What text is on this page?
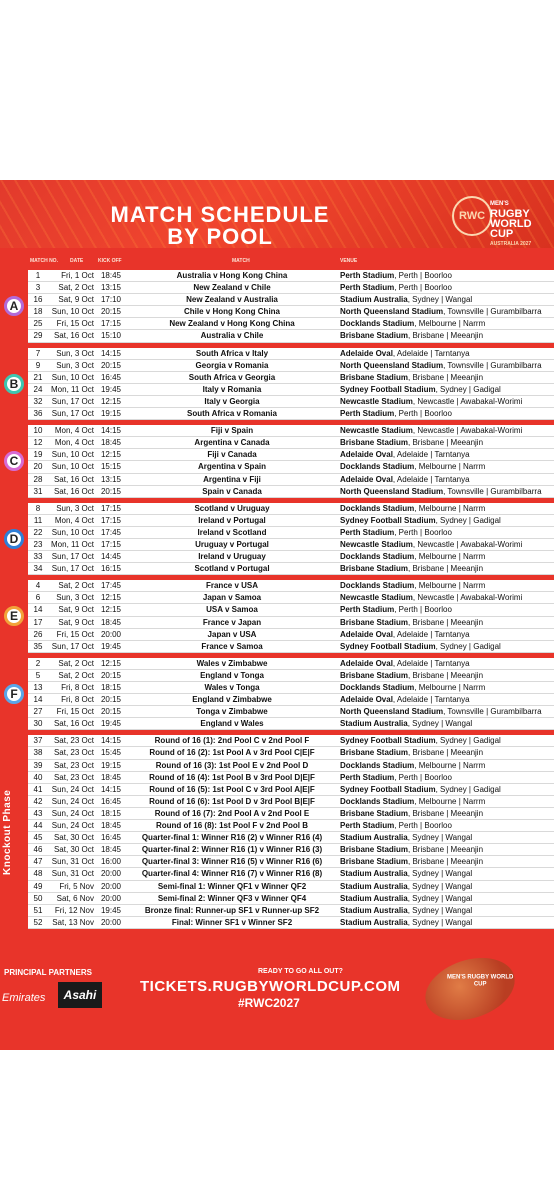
MATCH SCHEDULE
BY POOL
RWC
MEN'S
RUGBY WORLD CUP
AUSTRALIA 2027
MATCH NO. DATE	KICK OFF	MATCH	VENUE
A
1	Fri, 1 Oct 18:45	Australia v Hong Kong China	Perth Stadium, Perth | Boorloo
3	Sat, 2 Oct 13:15	New Zealand v Chile	Perth Stadium, Perth | Boorloo
16	Sat, 9 Oct 17:10	New Zealand v Australia	Stadium Australia, Sydney | Wangal
18	Sun, 10 Oct 20:15	Chile v Hong Kong China	North Queensland Stadium, Townsville | Gurambilbarra
25	Fri, 15 Oct 17:15	New Zealand v Hong Kong China	Docklands Stadium, Melbourne | Narrm
29	Sat, 16 Oct 15:10	Australia v Chile	Brisbane Stadium, Brisbane | Meeanjin
B
7	Sun, 3 Oct 14:15	South Africa v Italy	Adelaide Oval, Adelaide | Tarntanya
9	Sun, 3 Oct 20:15	Georgia v Romania	North Queensland Stadium, Townsville | Gurambilbarra
21	Sun, 10 Oct 16:45	South Africa v Georgia	Brisbane Stadium, Brisbane | Meeanjin
24	Mon, 11 Oct 19:45	Italy v Romania	Sydney Football Stadium, Sydney | Gadigal
32	Sun, 17 Oct 12:15	Italy v Georgia	Newcastle Stadium, Newcastle | Awabakal-Worimi
36	Sun, 17 Oct 19:15	South Africa v Romania	Perth Stadium, Perth | Boorloo
C
10	Mon, 4 Oct 14:15	Fiji v Spain	Newcastle Stadium, Newcastle | Awabakal-Worimi
12	Mon, 4 Oct 18:45	Argentina v Canada	Brisbane Stadium, Brisbane | Meeanjin
19	Sun, 10 Oct 12:15	Fiji v Canada	Adelaide Oval, Adelaide | Tarntanya
20	Sun, 10 Oct 15:15	Argentina v Spain	Docklands Stadium, Melbourne | Narrm
28	Sat, 16 Oct 13:15	Argentina v Fiji	Adelaide Oval, Adelaide | Tarntanya
31	Sat, 16 Oct 20:15	Spain v Canada	North Queensland Stadium, Townsville | Gurambilbarra
D
8	Sun, 3 Oct 17:15	Scotland v Uruguay	Docklands Stadium, Melbourne | Narrm
11	Mon, 4 Oct 17:15	Ireland v Portugal	Sydney Football Stadium, Sydney | Gadigal
22	Sun, 10 Oct 17:45	Ireland v Scotland	Perth Stadium, Perth | Boorloo
23	Mon, 11 Oct 17:15	Uruguay v Portugal	Newcastle Stadium, Newcastle | Awabakal-Worimi
33	Sun, 17 Oct 14:45	Ireland v Uruguay	Docklands Stadium, Melbourne | Narrm
34	Sun, 17 Oct 16:15	Scotland v Portugal	Brisbane Stadium, Brisbane | Meeanjin
E
4	Sat, 2 Oct 17:45	France v USA	Docklands Stadium, Melbourne | Narrm
6	Sun, 3 Oct 12:15	Japan v Samoa	Newcastle Stadium, Newcastle | Awabakal-Worimi
14	Sat, 9 Oct 12:15	USA v Samoa	Perth Stadium, Perth | Boorloo
17	Sat, 9 Oct 18:45	France v Japan	Brisbane Stadium, Brisbane | Meeanjin
26	Fri, 15 Oct 20:00	Japan v USA	Adelaide Oval, Adelaide | Tarntanya
35	Sun, 17 Oct 19:45	France v Samoa	Sydney Football Stadium, Sydney | Gadigal
F
2	Sat, 2 Oct 12:15	Wales v Zimbabwe	Adelaide Oval, Adelaide | Tarntanya
5	Sat, 2 Oct 20:15	England v Tonga	Brisbane Stadium, Brisbane | Meeanjin
13	Fri, 8 Oct 18:15	Wales v Tonga	Docklands Stadium, Melbourne | Narrm
14	Fri, 8 Oct 20:15	England v Zimbabwe	Adelaide Oval, Adelaide | Tarntanya
27	Fri, 15 Oct 20:15	Tonga v Zimbabwe	North Queensland Stadium, Townsville | Gurambilbarra
30	Sat, 16 Oct 19:45	England v Wales	Stadium Australia, Sydney | Wangal
Knockout Phase
37	Sat, 23 Oct 14:15	Round of 16 (1): 2nd Pool C v 2nd Pool F	Sydney Football Stadium, Sydney | Gadigal
38	Sat, 23 Oct 15:45	Round of 16 (2): 1st Pool A v 3rd Pool C|E|F	Brisbane Stadium, Brisbane | Meeanjin
39	Sat, 23 Oct 19:15	Round of 16 (3): 1st Pool E v 2nd Pool D	Docklands Stadium, Melbourne | Narrm
40	Sat, 23 Oct 18:45	Round of 16 (4): 1st Pool B v 3rd Pool D|E|F	Perth Stadium, Perth | Boorloo
41	Sun, 24 Oct 14:15	Round of 16 (5): 1st Pool C v 3rd Pool A|E|F	Sydney Football Stadium, Sydney | Gadigal
42	Sun, 24 Oct 16:45	Round of 16 (6): 1st Pool D v 3rd Pool B|E|F	Docklands Stadium, Melbourne | Narrm
43	Sun, 24 Oct 18:15	Round of 16 (7): 2nd Pool A v 2nd Pool E	Brisbane Stadium, Brisbane | Meeanjin
44	Sun, 24 Oct 18:45	Round of 16 (8): 1st Pool F v 2nd Pool B	Perth Stadium, Perth | Boorloo
45	Sat, 30 Oct 16:45	Quarter-final 1: Winner R16 (2) v Winner R16 (4)	Stadium Australia, Sydney | Wangal
46	Sat, 30 Oct 18:45	Quarter-final 2: Winner R16 (1) v Winner R16 (3)	Brisbane Stadium, Brisbane | Meeanjin
47	Sun, 31 Oct 16:00	Quarter-final 3: Winner R16 (5) v Winner R16 (6)	Brisbane Stadium, Brisbane | Meeanjin
48	Sun, 31 Oct 20:00	Quarter-final 4: Winner R16 (7) v Winner R16 (8)	Stadium Australia, Sydney | Wangal
49	Fri, 5 Nov 20:00	Semi-final 1: Winner QF1 v Winner QF2	Stadium Australia, Sydney | Wangal
50	Sat, 6 Nov 20:00	Semi-final 2: Winner QF3 v Winner QF4	Stadium Australia, Sydney | Wangal
51	Fri, 12 Nov 19:45	Bronze final: Runner-up SF1 v Runner-up SF2	Stadium Australia, Sydney | Wangal
52	Sat, 13 Nov 20:00	Final: Winner SF1 v Winner SF2	Stadium Australia, Sydney | Wangal
PRINCIPAL PARTNERS
Emirates	Asahi
READY TO GO ALL OUT?
TICKETS.RUGBYWORLDCUP.COM
#RWC2027
MEN'S RUGBY WORLD CUP
